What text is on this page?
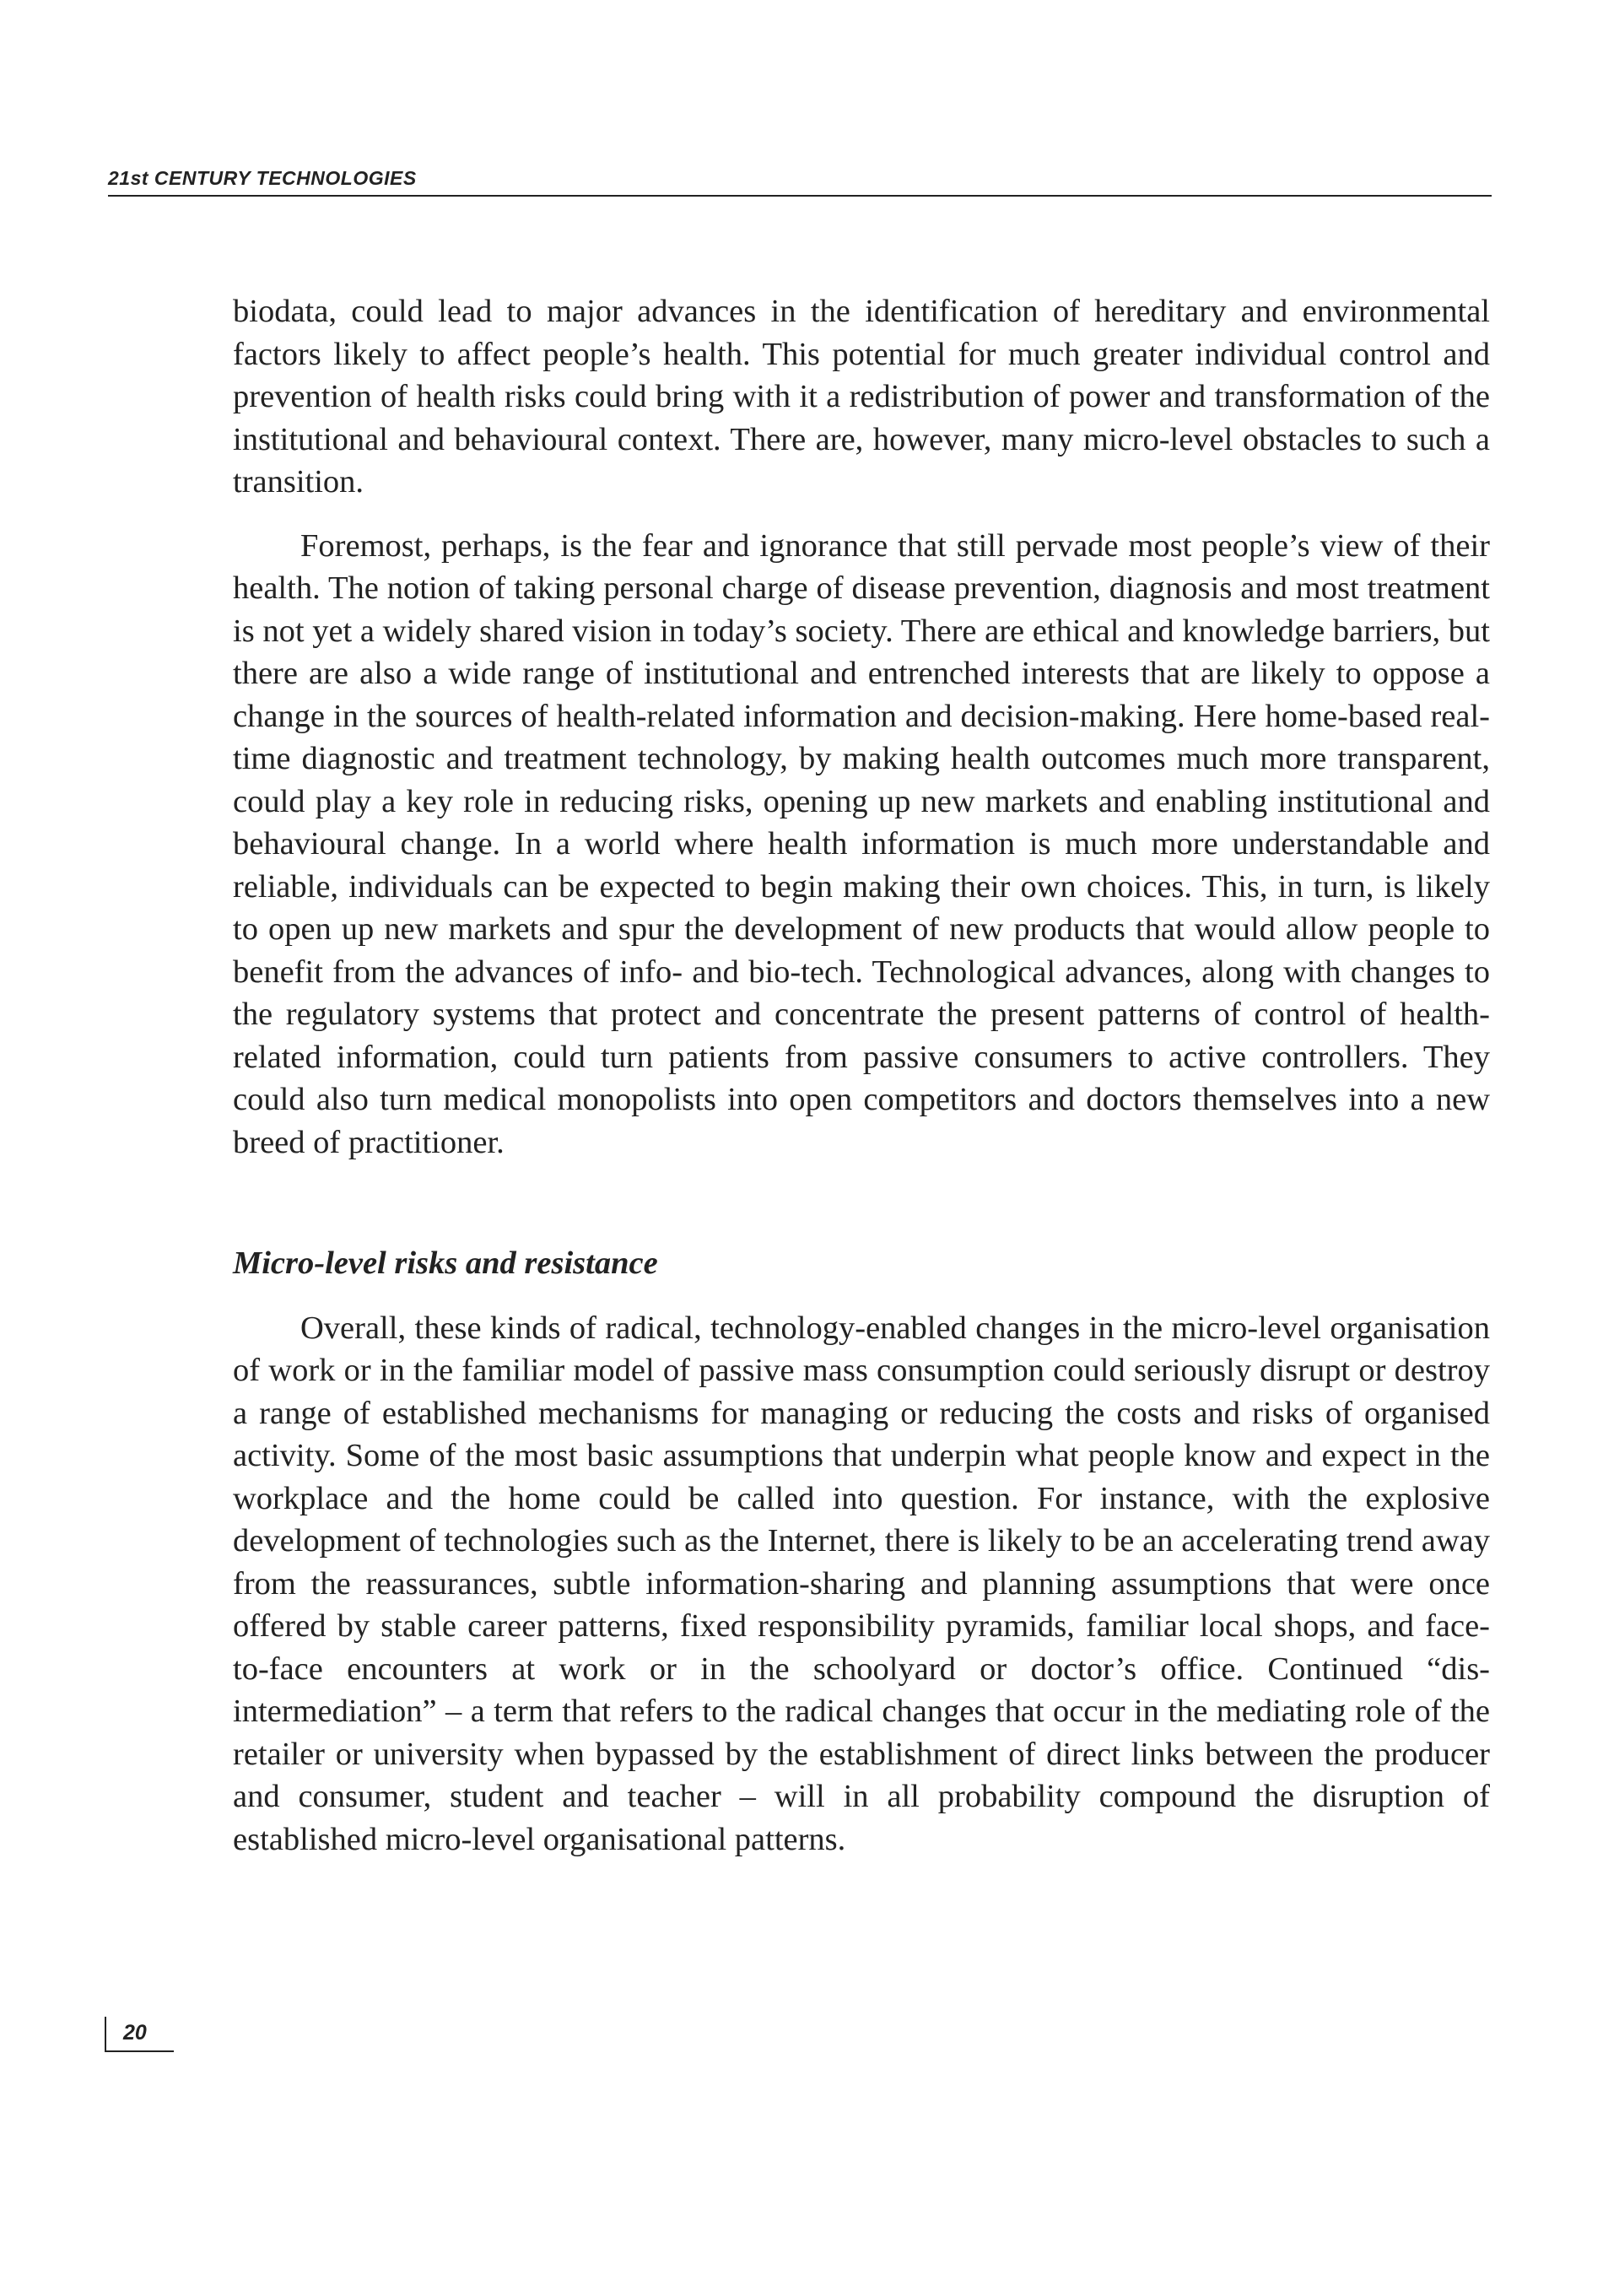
21st CENTURY TECHNOLOGIES

biodata, could lead to major advances in the identification of hereditary and environmental factors likely to affect people’s health. This potential for much greater individual control and prevention of health risks could bring with it a redistribution of power and transformation of the institutional and behavioural context. There are, however, many micro-level obstacles to such a transition.

Foremost, perhaps, is the fear and ignorance that still pervade most people’s view of their health. The notion of taking personal charge of disease prevention, diagnosis and most treatment is not yet a widely shared vision in today’s society. There are ethical and knowledge barriers, but there are also a wide range of institutional and entrenched interests that are likely to oppose a change in the sources of health-related information and decision-making. Here home-based real-time diagnostic and treatment technology, by making health outcomes much more transparent, could play a key role in reducing risks, opening up new markets and enabling institutional and behavioural change. In a world where health information is much more understandable and reliable, individuals can be expected to begin making their own choices. This, in turn, is likely to open up new markets and spur the development of new products that would allow people to benefit from the advances of info- and bio-tech. Technological advances, along with changes to the regulatory systems that protect and concentrate the present patterns of control of health-related information, could turn patients from passive consumers to active controllers. They could also turn medical monopolists into open competitors and doctors themselves into a new breed of practitioner.

Micro-level risks and resistance

Overall, these kinds of radical, technology-enabled changes in the micro-level organisation of work or in the familiar model of passive mass consumption could seriously disrupt or destroy a range of established mechanisms for managing or reducing the costs and risks of organised activity. Some of the most basic assumptions that underpin what people know and expect in the workplace and the home could be called into question. For instance, with the explosive development of technologies such as the Internet, there is likely to be an accelerating trend away from the reassurances, subtle information-sharing and planning assumptions that were once offered by stable career patterns, fixed responsibility pyramids, familiar local shops, and face-to-face encounters at work or in the schoolyard or doctor’s office. Continued “dis-intermediation” – a term that refers to the radical changes that occur in the mediating role of the retailer or university when bypassed by the establishment of direct links between the producer and consumer, student and teacher – will in all probability compound the disruption of established micro-level organisational patterns.

20
